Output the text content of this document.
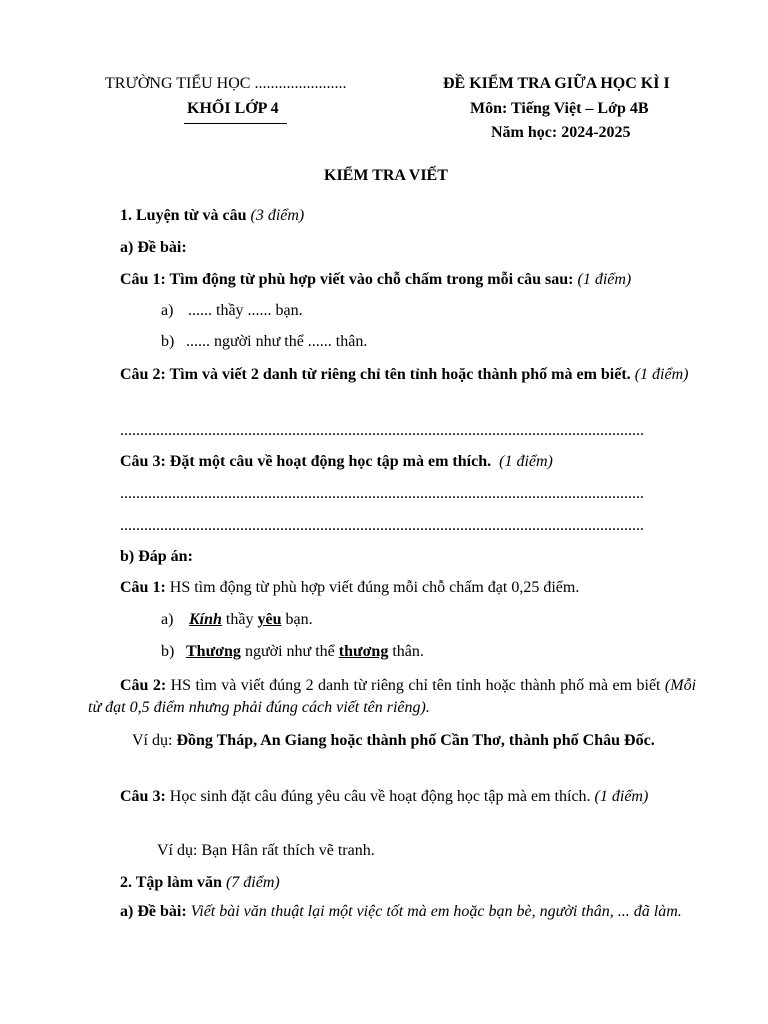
TRƯỜNG TIỂU HỌC .......................
KHỐI LỚP 4
ĐỀ KIỂM TRA GIỮA HỌC KÌ I
Môn: Tiếng Việt – Lớp 4B
Năm học: 2024-2025
KIỂM TRA VIẾT
1. Luyện từ và câu (3 điểm)
a) Đề bài:
Câu 1: Tìm động từ phù hợp viết vào chỗ chấm trong mỗi câu sau: (1 điểm)
a) ...... thầy ...... bạn.
b) ...... người như thể ...... thân.
Câu 2: Tìm và viết 2 danh từ riêng chỉ tên tỉnh hoặc thành phố mà em biết. (1 điểm)
...................................................................................................................................
Câu 3: Đặt một câu về hoạt động học tập mà em thích. (1 điểm)
...................................................................................................................................
...................................................................................................................................
b) Đáp án:
Câu 1: HS tìm động từ phù hợp viết đúng mỗi chỗ chấm đạt 0,25 điểm.
a) Kính thầy yêu bạn.
b) Thương người như thể thương thân.
Câu 2: HS tìm và viết đúng 2 danh từ riêng chỉ tên tỉnh hoặc thành phố mà em biết (Mỗi từ đạt 0,5 điểm nhưng phải đúng cách viết tên riêng).
Ví dụ: Đồng Tháp, An Giang hoặc thành phố Cần Thơ, thành phố Châu Đốc.
Câu 3: Học sinh đặt câu đúng yêu câu về hoạt động học tập mà em thích. (1 điểm)
Ví dụ: Bạn Hân rất thích vẽ tranh.
2. Tập làm văn (7 điểm)
a) Đề bài: Viết bài văn thuật lại một việc tốt mà em hoặc bạn bè, người thân, ... đã làm.
